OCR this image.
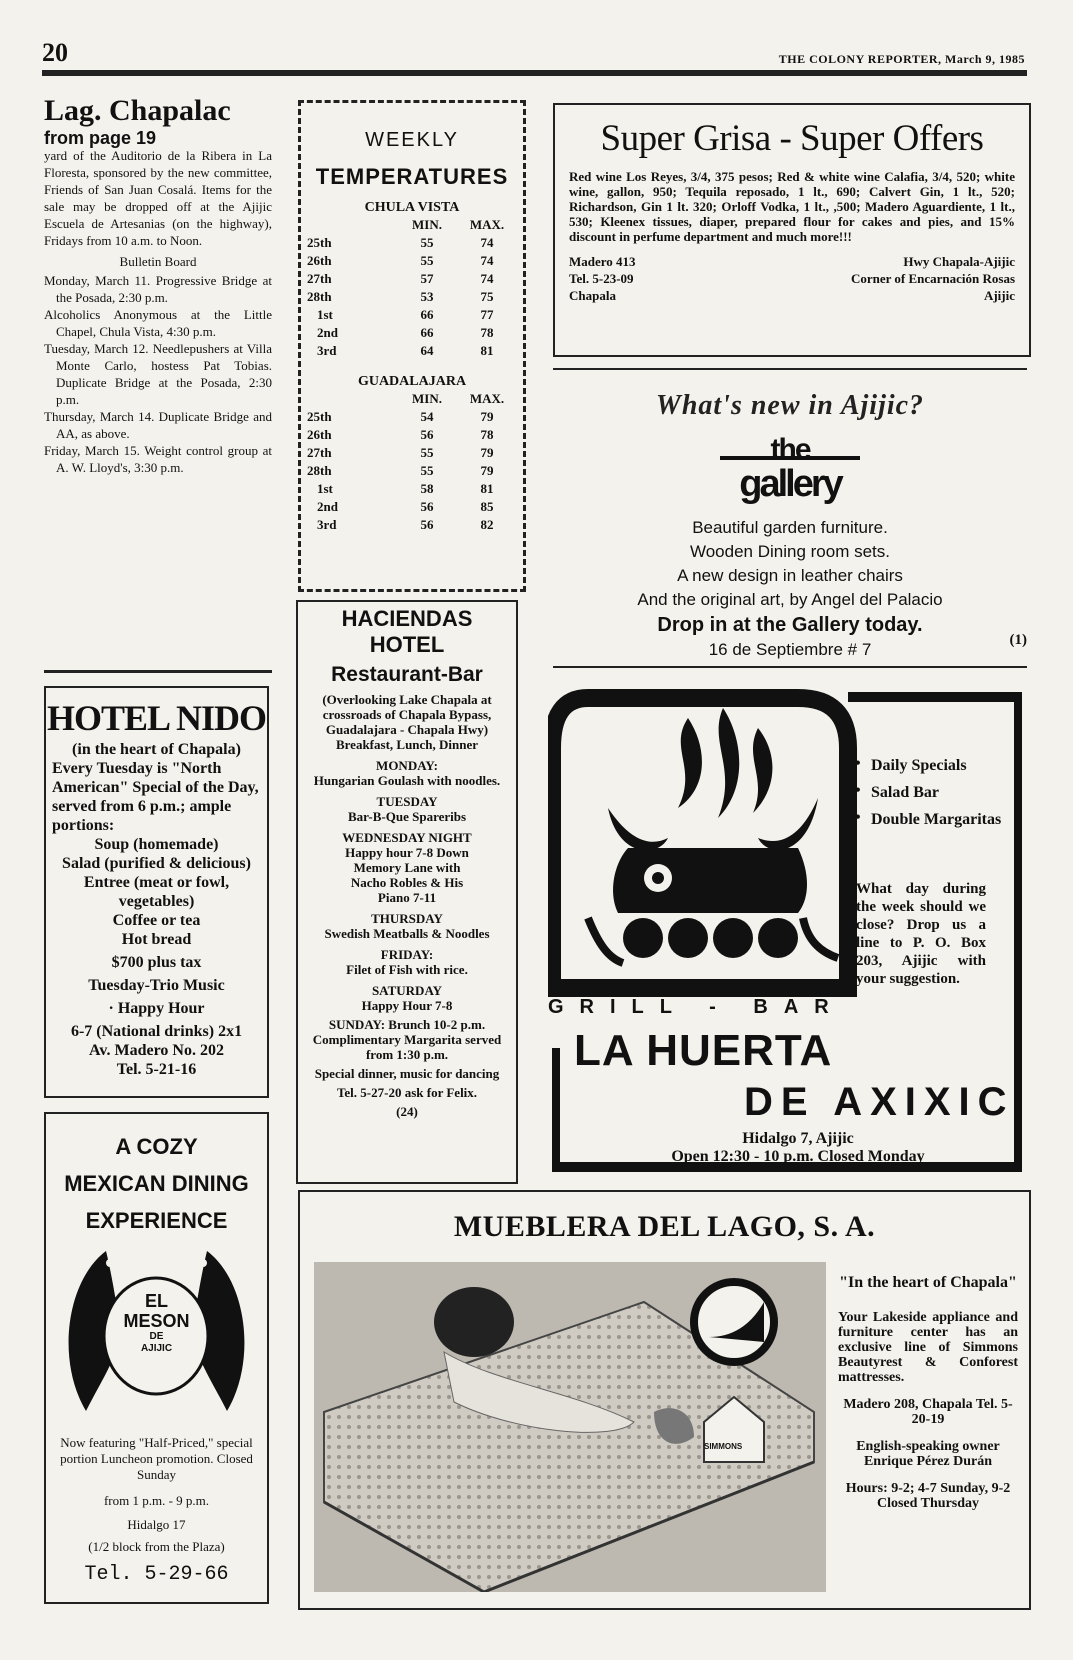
20	THE COLONY REPORTER, March 9, 1985
Lag. Chapalac
from page 19

yard of the Auditorio de la Ribera in La Floresta, sponsored by the new committee, Friends of San Juan Cosalá. Items for the sale may be dropped off at the Ajijic Escuela de Artesanias (on the highway), Fridays from 10 a.m. to Noon.

Bulletin Board

Monday, March 11. Progressive Bridge at the Posada, 2:30 p.m.

Alcoholics Anonymous at the Little Chapel, Chula Vista, 4:30 p.m.

Tuesday, March 12. Needlepushers at Villa Monte Carlo, hostess Pat Tobias. Duplicate Bridge at the Posada, 2:30 p.m.

Thursday, March 14. Duplicate Bridge and AA, as above.

Friday, March 15. Weight control group at A. W. Lloyd's, 3:30 p.m.

HOTEL NIDO

(in the heart of Chapala)

Every Tuesday is "North American" Special of the Day, served from 6 p.m.; ample portions:

Soup (homemade)

Salad (purified & delicious)

Entree (meat or fowl, vegetables)

Coffee or tea

Hot bread

$700 plus tax

Tuesday-Trio Music

· Happy Hour

6-7 (National drinks) 2x1

Av. Madero No. 202

Tel. 5-21-16

A COZY
MEXICAN DINING
EXPERIENCE
EL
MESON
DE
AJIJIC
Now featuring "Half-Priced," special portion Luncheon promotion. Closed Sunday
from 1 p.m. - 9 p.m.
Hidalgo 17
(1/2 block from the Plaza)
Tel. 5-29-66
WEEKLY
TEMPERATURES
CHULA VISTA
	MIN.	MAX.
25th	55	74
26th	55	74
27th	57	74
28th	53	75
1st	66	77
2nd	66	78
3rd	64	81
GUADALAJARA
	MIN.	MAX.
25th	54	79
26th	56	78
27th	55	79
28th	55	79
1st	58	81
2nd	56	85
3rd	56	82
HACIENDAS
HOTEL
Restaurant-Bar

(Overlooking Lake Chapala at crossroads of Chapala Bypass, Guadalajara - Chapala Hwy)

Breakfast, Lunch, Dinner

MONDAY:

Hungarian Goulash with noodles.

TUESDAY

Bar-B-Que Spareribs

WEDNESDAY NIGHT

Happy hour 7-8 Down Memory Lane with Nacho Robles & His Piano 7-11

THURSDAY

Swedish Meatballs & Noodles

FRIDAY:

Filet of Fish with rice.

SATURDAY

Happy Hour 7-8

SUNDAY: Brunch 10-2 p.m. Complimentary Margarita served from 1:30 p.m.

Special dinner, music for dancing

Tel. 5-27-20 ask for Felix.

(24)

Super Grisa - Super Offers
Red wine Los Reyes, 3/4, 375 pesos; Red & white wine Calafia, 3/4, 520; white wine, gallon, 950; Tequila reposado, 1 lt., 690; Calvert Gin, 1 lt., 520; Richardson, Gin 1 lt. 320; Orloff Vodka, 1 lt., ,500; Madero Aguardiente, 1 lt., 530; Kleenex tissues, diaper, prepared flour for cakes and pies, and 15% discount in perfume department and much more!!!
Madero 413	Hwy Chapala-Ajijic
Tel. 5-23-09	Corner of Encarnación Rosas
Chapala	Ajijic
What's new in Ajijic?
the
gallery
Beautiful garden furniture.
Wooden Dining room sets.
A new design in leather chairs
And the original art, by Angel del Palacio
Drop in at the Gallery today.
16 de Septiembre # 7	(1)
• Daily Specials
• Salad Bar
• Double Margaritas
What day during the week should we close? Drop us a line to P. O. Box 203, Ajijic with your suggestion.
GRILL - BAR
LA HUERTA
DE AXIXIC
Hidalgo 7, Ajijic
Open 12:30 - 10 p.m. Closed Monday
MUEBLERA DEL LAGO, S. A.
SIMMONS

"In the heart of Chapala"

Your Lakeside appliance and furniture center has an exclusive line of Simmons Beautyrest & Conforest mattresses.

Madero 208, Chapala Tel. 5-20-19

English-speaking owner Enrique Pérez Durán

Hours: 9-2; 4-7 Sunday, 9-2 Closed Thursday
